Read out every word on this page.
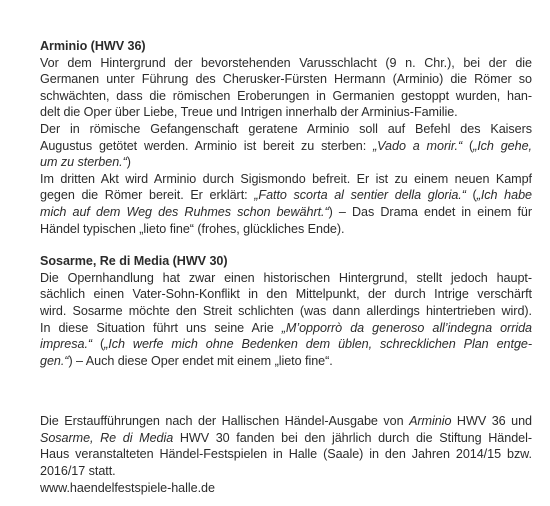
Arminio (HWV 36)
Vor dem Hintergrund der bevorstehenden Varusschlacht (9 n. Chr.), bei der die
Germanen unter Führung des Cherusker-Fürsten Hermann (Arminio) die Römer so
schwächten, dass die römischen Eroberungen in Germanien gestoppt wurden, han-
delt die Oper über Liebe, Treue und Intrigen innerhalb der Arminius-Familie.
Der in römische Gefangenschaft geratene Arminio soll auf Befehl des Kaisers
Augustus getötet werden. Arminio ist bereit zu sterben: „Vado a morir.“ („Ich gehe,
um zu sterben.“)
Im dritten Akt wird Arminio durch Sigismondo befreit. Er ist zu einem neuen Kampf
gegen die Römer bereit. Er erklärt: „Fatto scorta al sentier della gloria.“ („Ich habe
mich auf dem Weg des Ruhmes schon bewährt.“) – Das Drama endet in einem für
Händel typischen „lieto fine“ (frohes, glückliches Ende).
Sosarme, Re di Media (HWV 30)
Die Opernhandlung hat zwar einen historischen Hintergrund, stellt jedoch haupt-
sächlich einen Vater-Sohn-Konflikt in den Mittelpunkt, der durch Intrige verschärft
wird. Sosarme möchte den Streit schlichten (was dann allerdings hintertrieben wird).
In diese Situation führt uns seine Arie „M’opporrò da generoso all’indegna orrida
impresa.“ („Ich werfe mich ohne Bedenken dem üblen, schrecklichen Plan entge-
gen.“) – Auch diese Oper endet mit einem „lieto fine“.
Die Erstaufführungen nach der Hallischen Händel-Ausgabe von Arminio HWV 36 und
Sosarme, Re di Media HWV 30 fanden bei den jährlich durch die Stiftung Händel-
Haus veranstalteten Händel-Festspielen in Halle (Saale) in den Jahren 2014/15 bzw.
2016/17 statt.
www.haendelfestspiele-halle.de
